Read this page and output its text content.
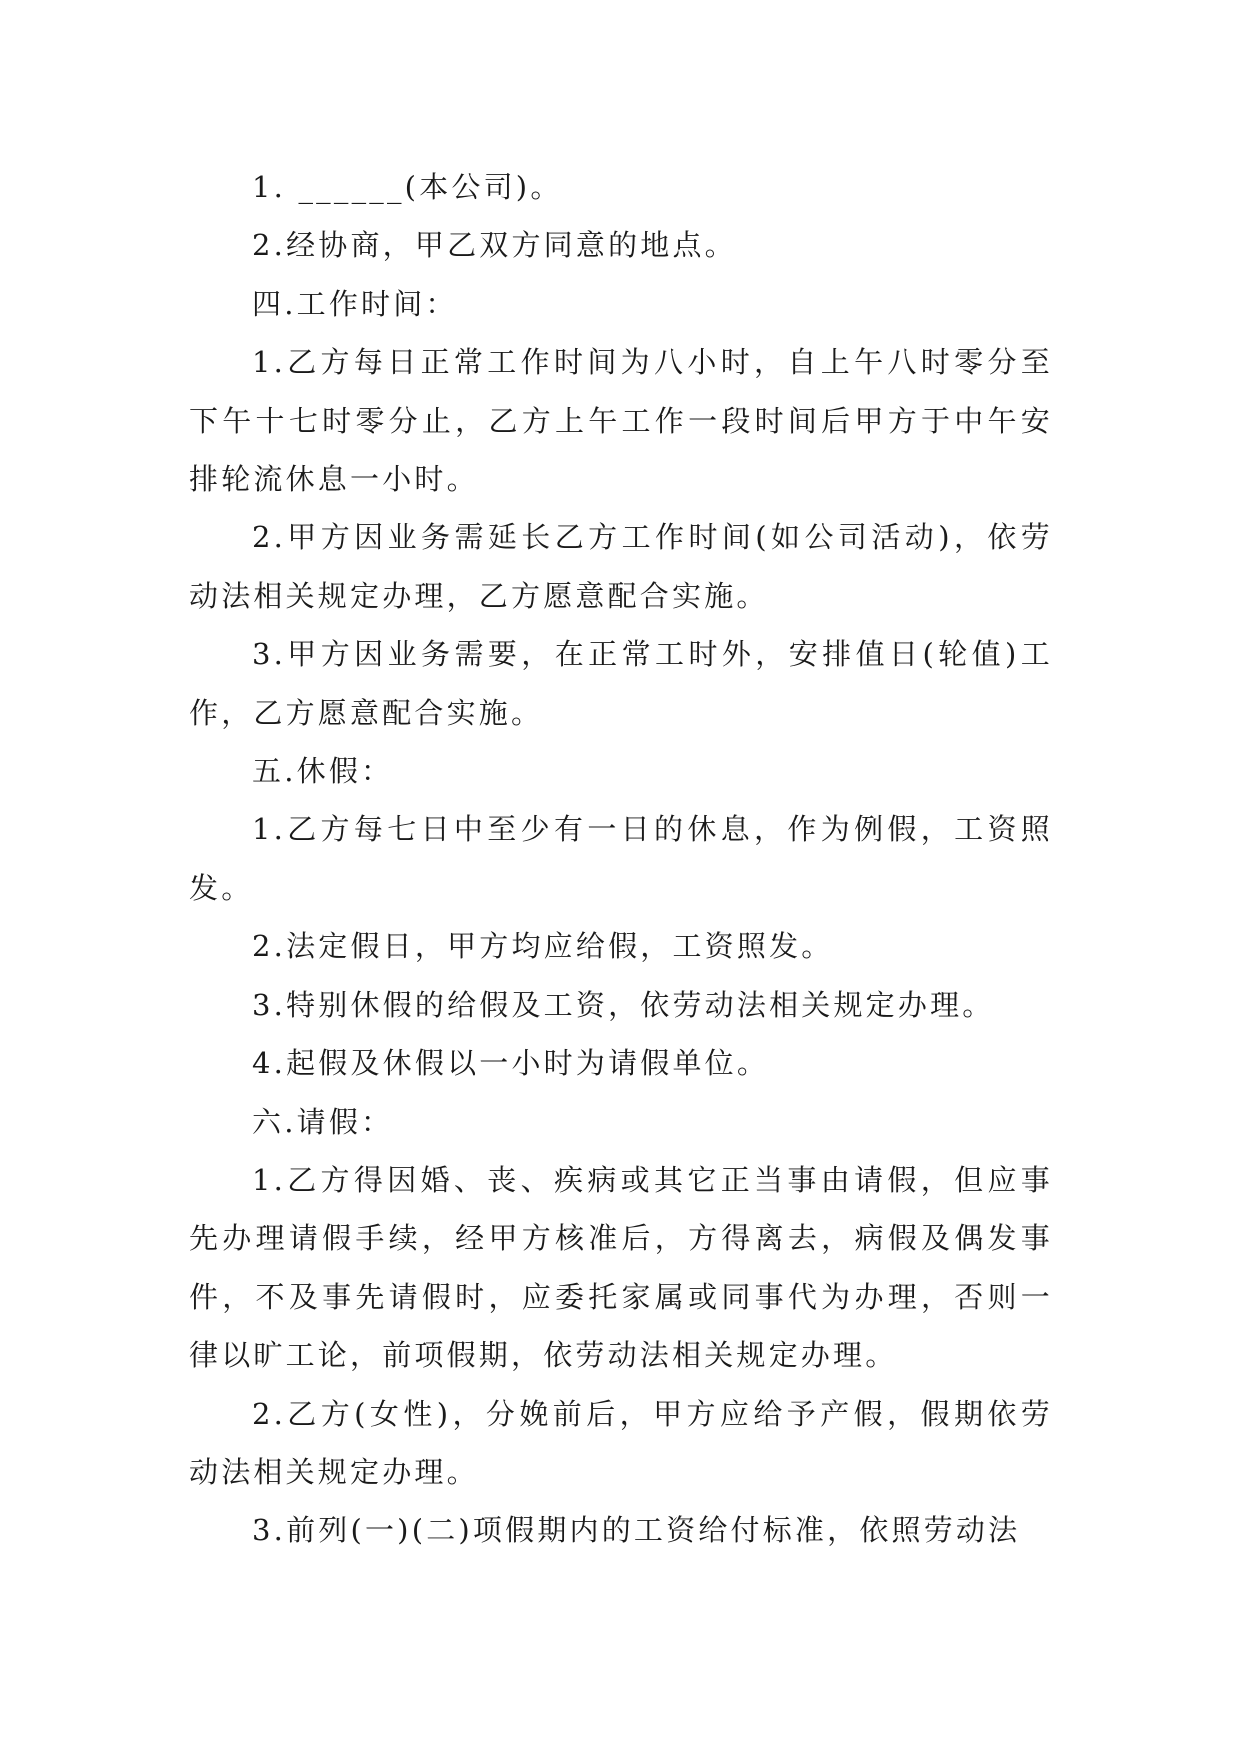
1. ______(本公司)。

2.经协商，甲乙双方同意的地点。

四.工作时间：

1.乙方每日正常工作时间为八小时，自上午八时零分至下午十七时零分止，乙方上午工作一段时间后甲方于中午安排轮流休息一小时。

2.甲方因业务需延长乙方工作时间(如公司活动)，依劳动法相关规定办理，乙方愿意配合实施。

3.甲方因业务需要，在正常工时外，安排值日(轮值)工作，乙方愿意配合实施。

五.休假：

1.乙方每七日中至少有一日的休息，作为例假，工资照发。

2.法定假日，甲方均应给假，工资照发。

3.特别休假的给假及工资，依劳动法相关规定办理。

4.起假及休假以一小时为请假单位。

六.请假：

1.乙方得因婚、丧、疾病或其它正当事由请假，但应事先办理请假手续，经甲方核准后，方得离去，病假及偶发事件，不及事先请假时，应委托家属或同事代为办理，否则一律以旷工论，前项假期，依劳动法相关规定办理。

2.乙方(女性)，分娩前后，甲方应给予产假，假期依劳动法相关规定办理。

3.前列(一)(二)项假期内的工资给付标准，依照劳动法
